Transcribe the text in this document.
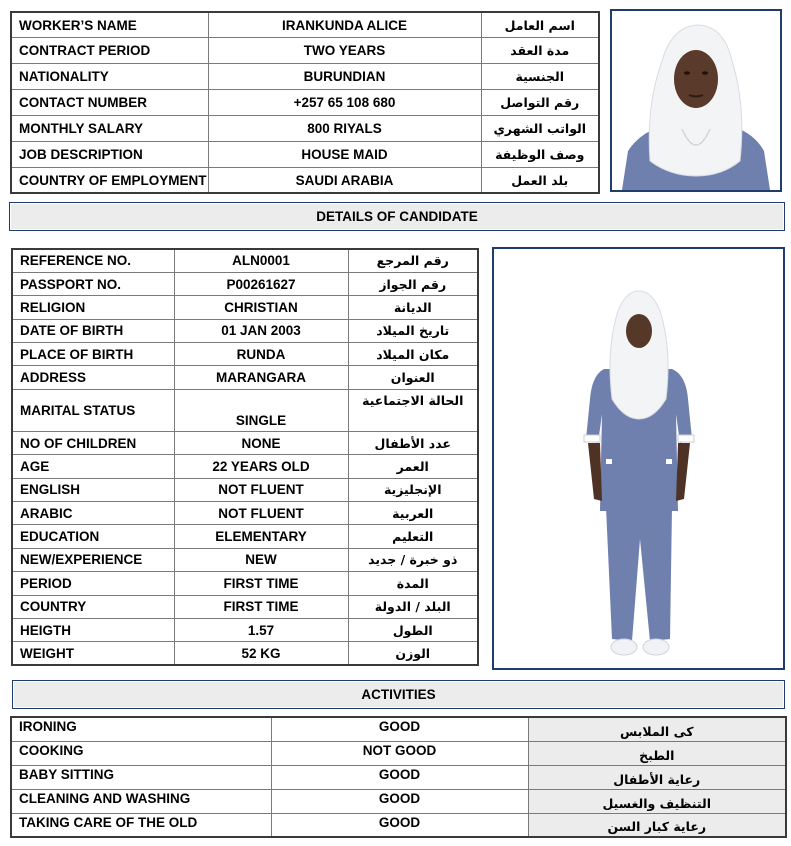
WORKER’S NAME	IRANKUNDA ALICE	اسم العامل
CONTRACT PERIOD	TWO YEARS	مدة العقد
NATIONALITY	BURUNDIAN	الجنسية
CONTACT NUMBER	+257 65 108 680	رقم التواصل
MONTHLY SALARY	800 RIYALS	الواتب الشهري
JOB DESCRIPTION	HOUSE MAID	وصف الوظيفة
COUNTRY OF EMPLOYMENT	SAUDI ARABIA	بلد العمل
DETAILS OF CANDIDATE
REFERENCE NO.	ALN0001	رقم المرجع
PASSPORT NO.	P00261627	رقم الجواز
RELIGION	CHRISTIAN	الديانة
DATE OF BIRTH	01 JAN 2003	تاريخ الميلاد
PLACE OF BIRTH	RUNDA	مكان الميلاد
ADDRESS	MARANGARA	العنوان
MARITAL STATUS	SINGLE	الحالة الاجتماعية
NO OF CHILDREN	NONE	عدد الأطفال
AGE	22 YEARS OLD	العمر
ENGLISH	NOT FLUENT	الإنجليزية
ARABIC	NOT FLUENT	العربية
EDUCATION	ELEMENTARY	التعليم
NEW/EXPERIENCE	NEW	ذو خبرة / جديد
PERIOD	FIRST TIME	المدة
COUNTRY	FIRST TIME	البلد / الدولة
HEIGTH	1.57	الطول
WEIGHT	52 KG	الوزن
ACTIVITIES
IRONING	GOOD	کی الملابس
COOKING	NOT GOOD	الطبخ
BABY SITTING	GOOD	رعاية الأطفال
CLEANING AND WASHING	GOOD	التنظيف والغسيل
TAKING CARE OF THE OLD	GOOD	رعاية كبار السن
